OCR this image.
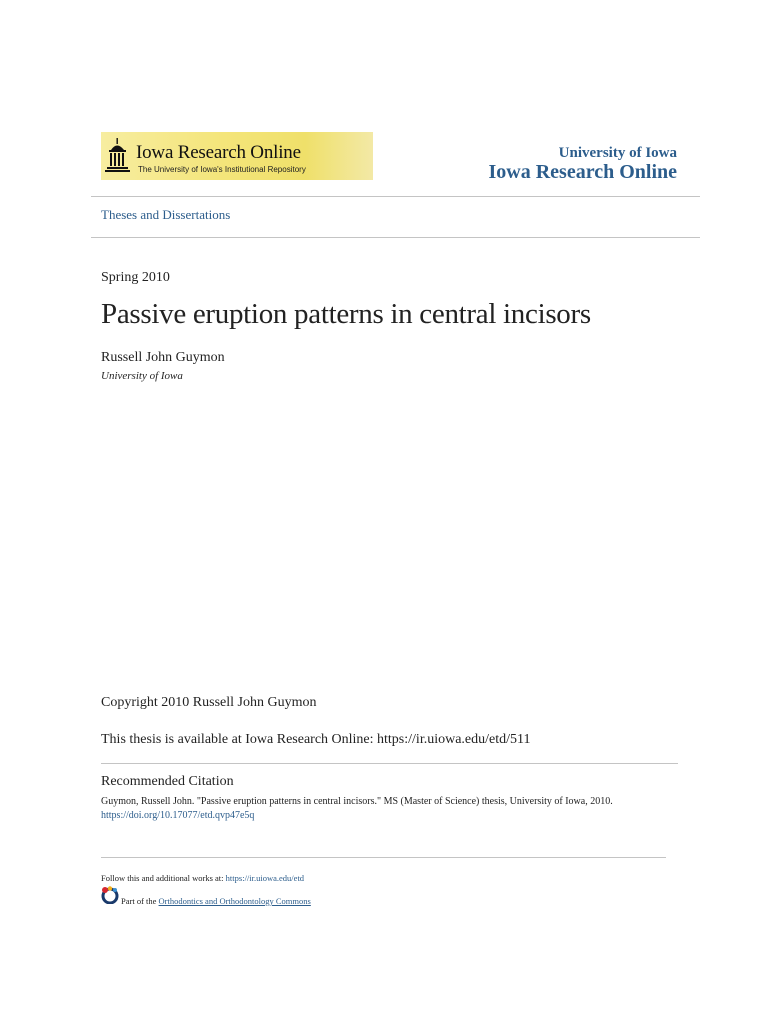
Iowa Research Online
The University of Iowa's Institutional Repository
University of Iowa
Iowa Research Online
Theses and Dissertations
Spring 2010
Passive eruption patterns in central incisors
Russell John Guymon
University of Iowa
Copyright 2010 Russell John Guymon
This thesis is available at Iowa Research Online: https://ir.uiowa.edu/etd/511
Recommended Citation
Guymon, Russell John. "Passive eruption patterns in central incisors." MS (Master of Science) thesis, University of Iowa, 2010.
https://doi.org/10.17077/etd.qvp47e5q
Follow this and additional works at: https://ir.uiowa.edu/etd
Part of the Orthodontics and Orthodontology Commons
